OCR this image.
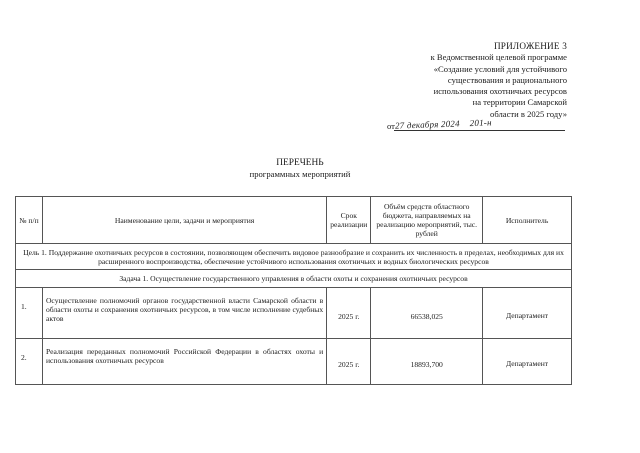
ПРИЛОЖЕНИЕ 3
к Ведомственной целевой программе
«Создание условий для устойчивого
существования и рационального
использования охотничьих ресурсов
на территории Самарской
области в 2025 году»
от 27 декабря 2024 201-н
ПЕРЕЧЕНЬ
программных мероприятий
№ п/п	Наименование цели, задачи и мероприятия	Срок реализации	Объём средств областного бюджета, направляемых на реализацию мероприятий, тыс. рублей	Исполнитель
Цель 1. Поддержание охотничьих ресурсов в состоянии, позволяющем обеспечить видовое разнообразие и сохранить их численность в пределах, необходимых для их расширенного воспроизводства, обеспечение устойчивого использования охотничьих и водных биологических ресурсов				
Задача 1. Осуществление государственного управления в области охоты и сохранения охотничьих ресурсов				
1.	Осуществление полномочий органов государственной власти Самарской области в области охоты и сохранения охотничьих ресурсов, в том числе исполнение судебных актов	2025 г.	66538,025	Департамент
2.	Реализация переданных полномочий Российской Федерации в областях охоты и использования охотничьих ресурсов	2025 г.	18893,700	Департамент
